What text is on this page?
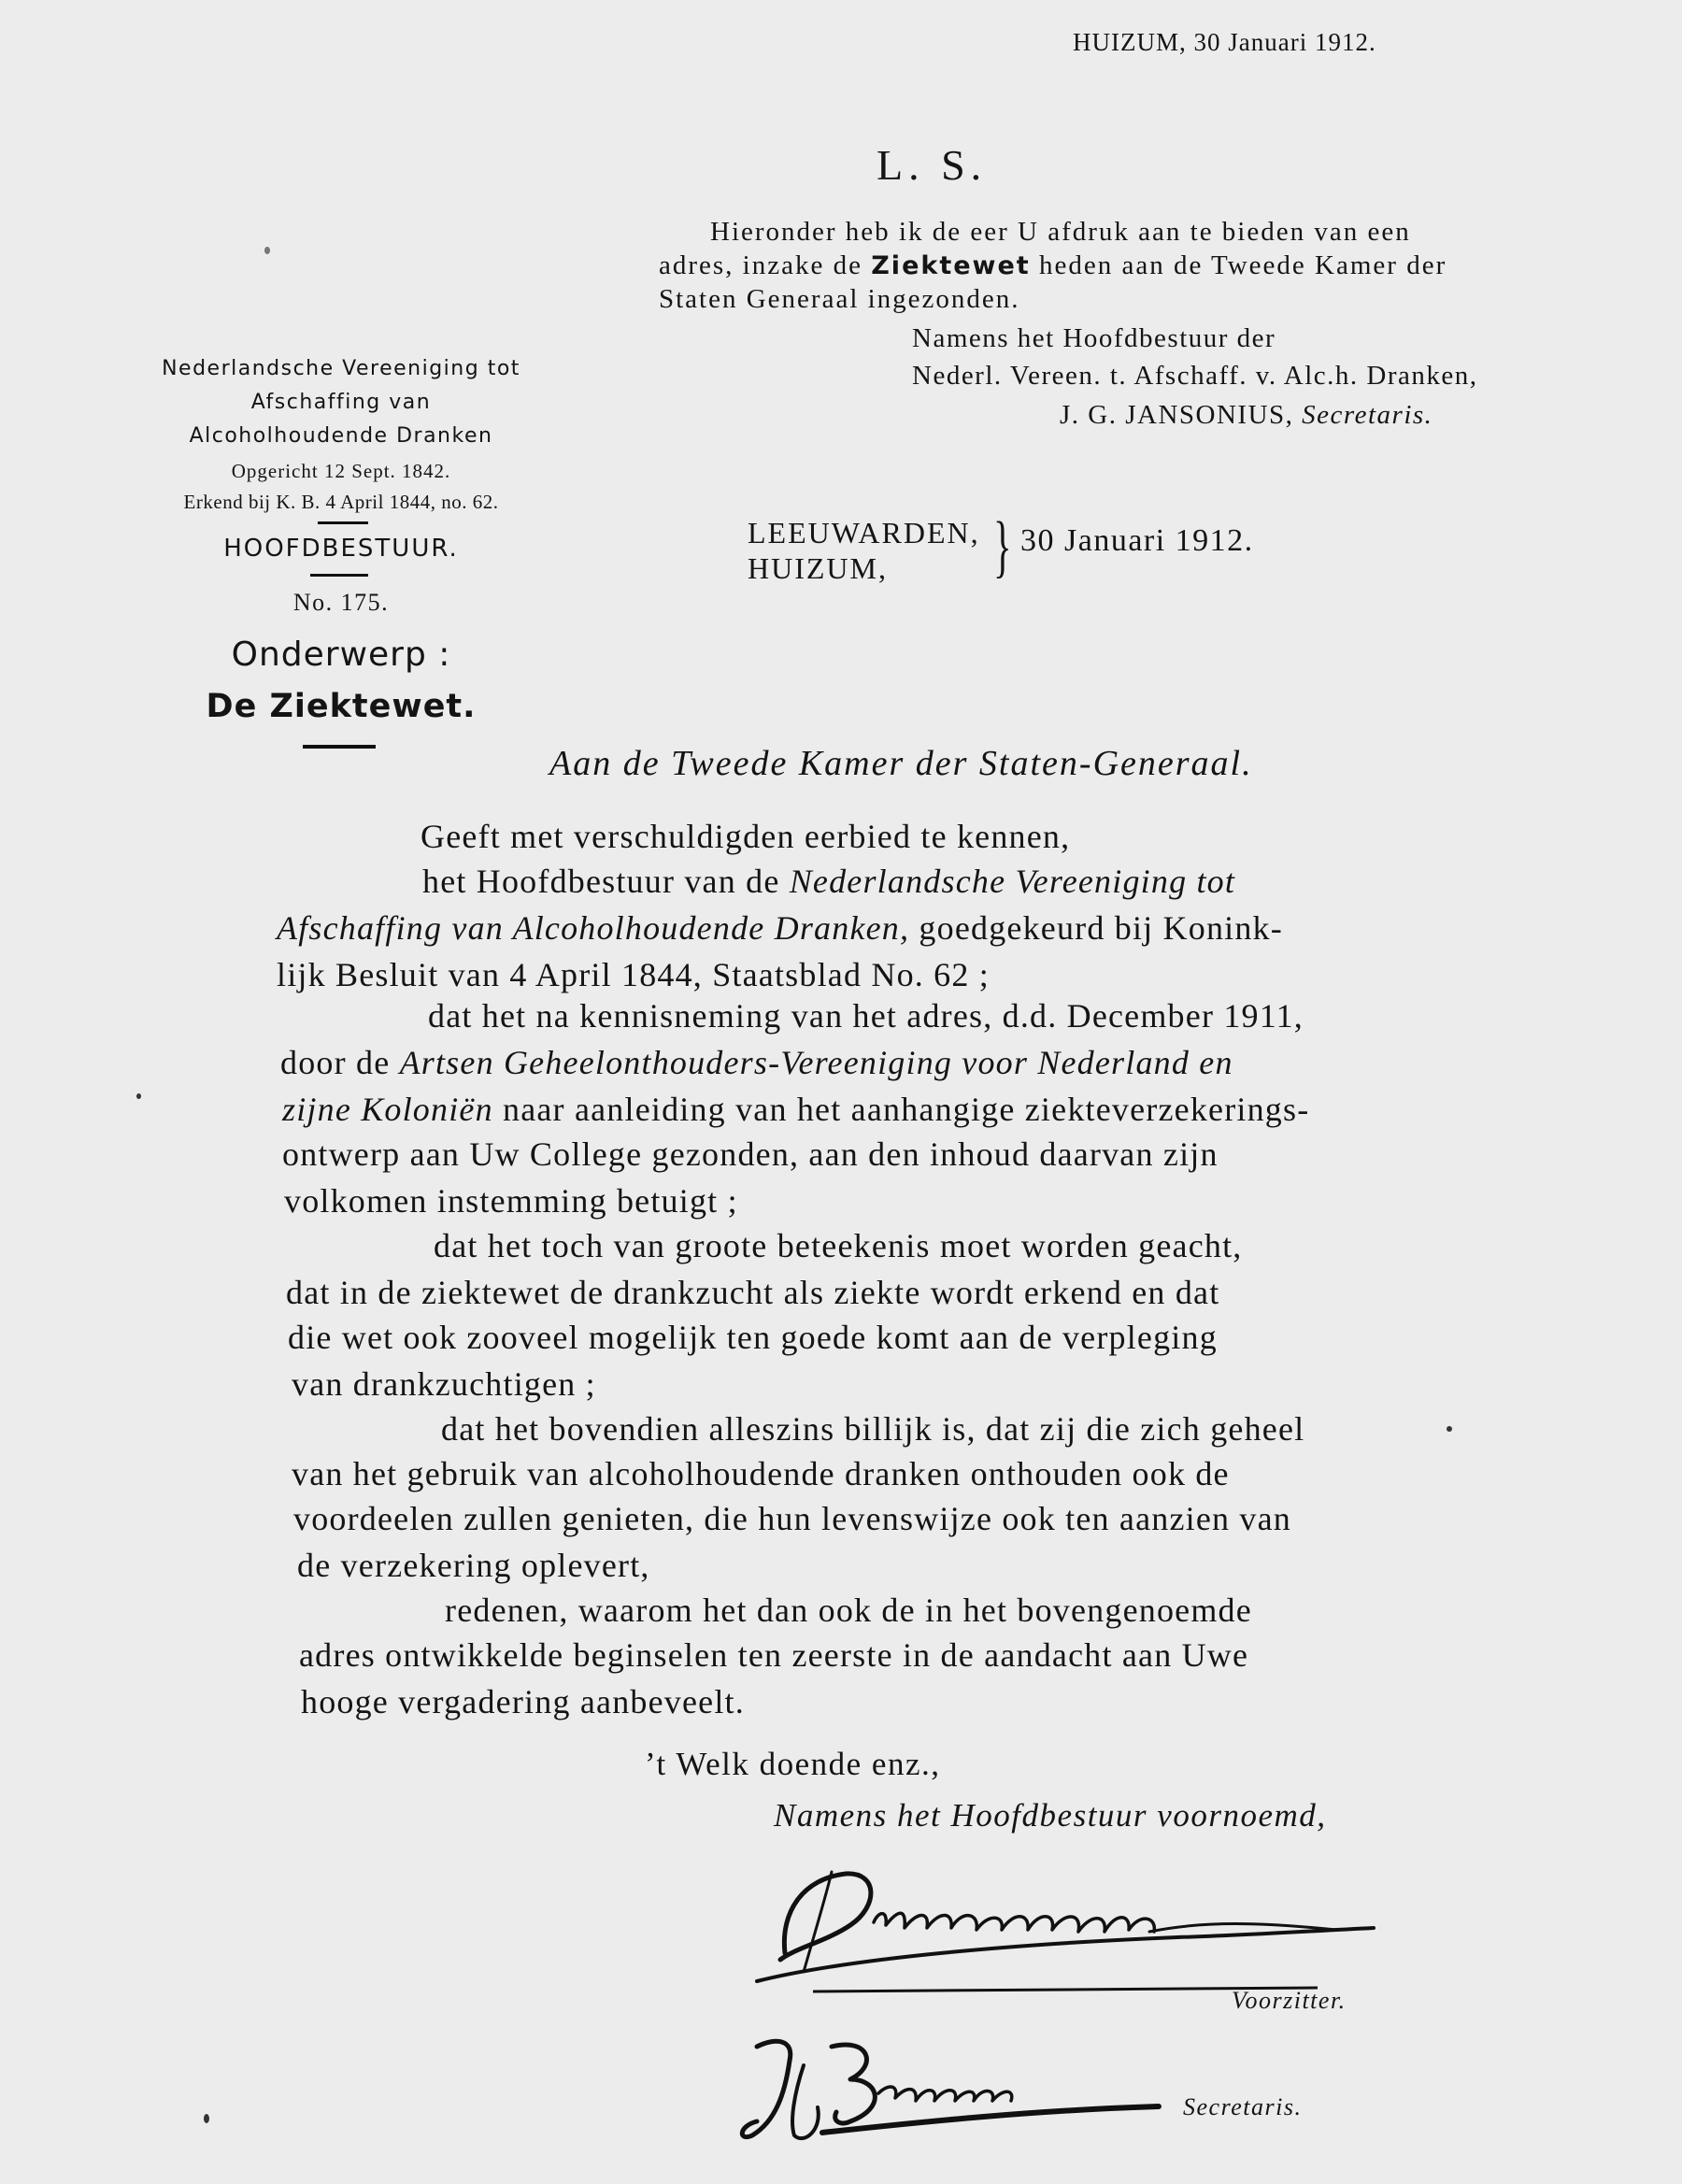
HUIZUM, 30 Januari 1912.
L. S.
Hieronder heb ik de eer U afdruk aan te bieden van een
adres, inzake de Ziektewet heden aan de Tweede Kamer der
Staten Generaal ingezonden.
Namens het Hoofdbestuur der
Nederl. Vereen. t. Afschaff. v. Alc.h. Dranken,
J. G. JANSONIUS, Secretaris.
Nederlandsche Vereeniging tot
Afschaffing van
Alcoholhoudende Dranken
Opgericht 12 Sept. 1842.
Erkend bij K. B. 4 April 1844, no. 62.
HOOFDBESTUUR.
No. 175.
Onderwerp :
De Ziektewet.
LEEUWARDEN,
HUIZUM, } 30 Januari 1912.
Aan de Tweede Kamer der Staten-Generaal.
Geeft met verschuldigden eerbied te kennen,
het Hoofdbestuur van de Nederlandsche Vereeniging tot
Afschaffing van Alcoholhoudende Dranken, goedgekeurd bij Konink-
lijk Besluit van 4 April 1844, Staatsblad No. 62 ;
dat het na kennisneming van het adres, d.d. December 1911,
door de Artsen Geheelonthouders-Vereeniging voor Nederland en
zijne Koloniën naar aanleiding van het aanhangige ziekteverzekerings-
ontwerp aan Uw College gezonden, aan den inhoud daarvan zijn
volkomen instemming betuigt ;
dat het toch van groote beteekenis moet worden geacht,
dat in de ziektewet de drankzucht als ziekte wordt erkend en dat
die wet ook zooveel mogelijk ten goede komt aan de verpleging
van drankzuchtigen ;
dat het bovendien alleszins billijk is, dat zij die zich geheel
van het gebruik van alcoholhoudende dranken onthouden ook de
voordeelen zullen genieten, die hun levenswijze ook ten aanzien van
de verzekering oplevert,
redenen, waarom het dan ook de in het bovengenoemde
adres ontwikkelde beginselen ten zeerste in de aandacht aan Uwe
hooge vergadering aanbeveelt.
’t Welk doende enz.,
Namens het Hoofdbestuur voornoemd,
Voorzitter.
Secretaris.
